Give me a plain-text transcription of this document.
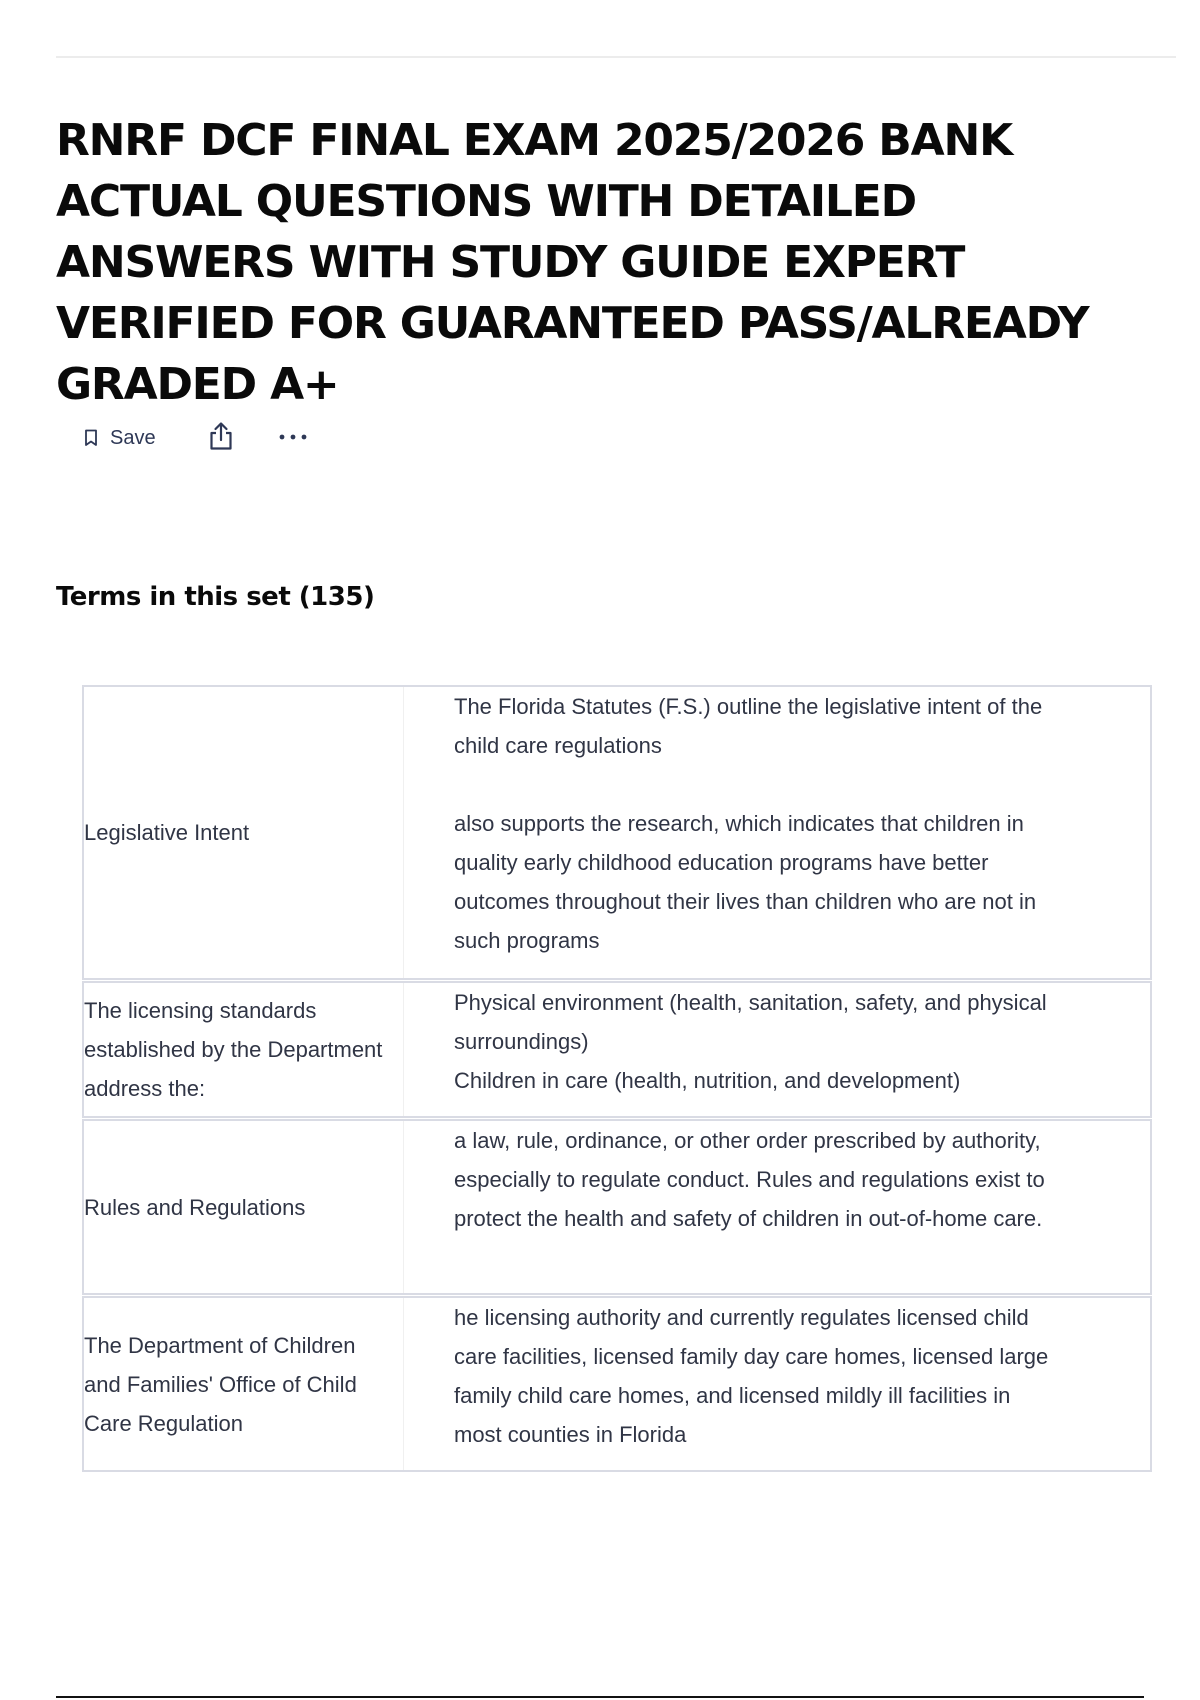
RNRF DCF FINAL EXAM 2025/2026 BANK ACTUAL QUESTIONS WITH DETAILED ANSWERS WITH STUDY GUIDE EXPERT VERIFIED FOR GUARANTEED PASS/ALREADY GRADED A+
Save
Terms in this set (135)
Legislative Intent
The Florida Statutes (F.S.) outline the legislative intent of the child care regulations

also supports the research, which indicates that children in quality early childhood education programs have better outcomes throughout their lives than children who are not in such programs
The licensing standards established by the Department address the:
Physical environment (health, sanitation, safety, and physical surroundings)
Children in care (health, nutrition, and development)
Rules and Regulations
a law, rule, ordinance, or other order prescribed by authority, especially to regulate conduct. Rules and regulations exist to protect the health and safety of children in out-of-home care.
The Department of Children and Families' Office of Child Care Regulation
he licensing authority and currently regulates licensed child care facilities, licensed family day care homes, licensed large family child care homes, and licensed mildly ill facilities in most counties in Florida
